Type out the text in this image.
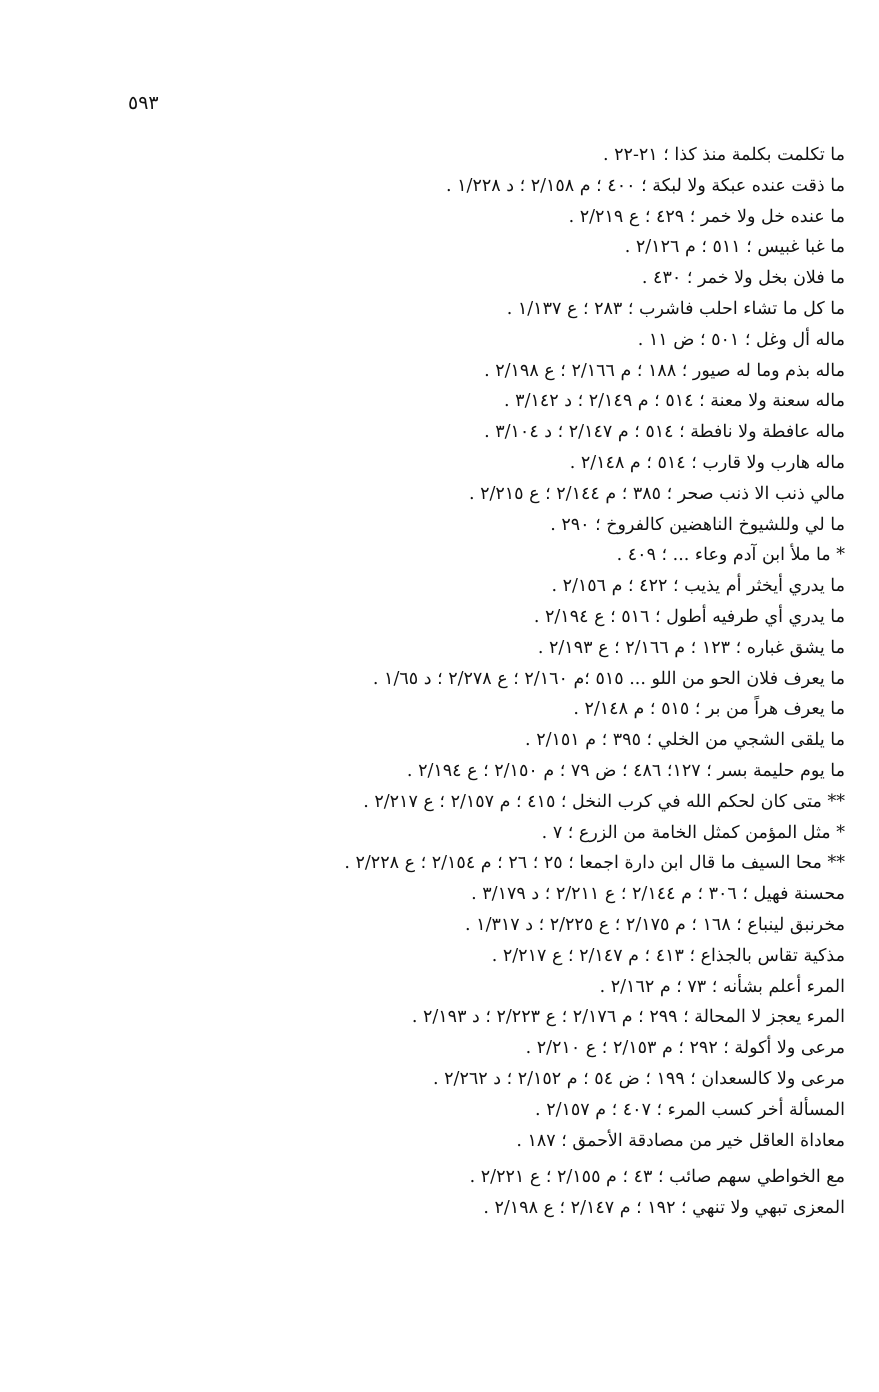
٥٩٣
ما تكلمت بكلمة منذ كذا ؛ ٢١-٢٢ .
ما ذقت عنده عبكة ولا لبكة ؛ ٤٠٠ ؛ م ٢/١٥٨ ؛ د ١/٢٢٨ .
ما عنده خل ولا خمر ؛ ٤٢٩ ؛ ع ٢/٢١٩ .
ما غبا غبيس ؛ ٥١١ ؛ م ٢/١٢٦ .
ما فلان بخل ولا خمر ؛ ٤٣٠ .
ما كل ما تشاء احلب فاشرب ؛ ٢٨٣ ؛ ع ١/١٣٧ .
ماله أل وغل ؛ ٥٠١ ؛ ض ١١ .
ماله بذم وما له صيور ؛ ١٨٨ ؛ م ٢/١٦٦ ؛ ع ٢/١٩٨ .
ماله سعنة ولا معنة ؛ ٥١٤ ؛ م ٢/١٤٩ ؛ د ٣/١٤٢ .
ماله عافطة ولا نافطة ؛ ٥١٤ ؛ م ٢/١٤٧ ؛ د ٣/١٠٤ .
ماله هارب ولا قارب ؛ ٥١٤ ؛ م ٢/١٤٨ .
مالي ذنب الا ذنب صحر ؛ ٣٨٥ ؛ م ٢/١٤٤ ؛ ع ٢/٢١٥ .
ما لي وللشيوخ الناهضين كالفروخ ؛ ٢٩٠ .
* ما ملأ ابن آدم وعاء ... ؛ ٤٠٩ .
ما يدري أيخثر أم يذيب ؛ ٤٢٢ ؛ م ٢/١٥٦ .
ما يدري أي طرفيه أطول ؛ ٥١٦ ؛ ع ٢/١٩٤ .
ما يشق غباره ؛ ١٢٣ ؛ م ٢/١٦٦ ؛ ع ٢/١٩٣ .
ما يعرف فلان الحو من اللو ... ٥١٥ ؛م ٢/١٦٠ ؛ ع ٢/٢٧٨ ؛ د ١/٦٥ .
ما يعرف هراً من بر ؛ ٥١٥ ؛ م ٢/١٤٨ .
ما يلقى الشجي من الخلي ؛ ٣٩٥ ؛ م ٢/١٥١ .
ما يوم حليمة بسر ؛ ١٢٧؛ ٤٨٦ ؛ ض ٧٩ ؛ م ٢/١٥٠ ؛ ع ٢/١٩٤ .
** متى كان لحكم الله في كرب النخل ؛ ٤١٥ ؛ م ٢/١٥٧ ؛ ع ٢/٢١٧ .
* مثل المؤمن كمثل الخامة من الزرع ؛ ٧ .
** محا السيف ما قال ابن دارة اجمعا ؛ ٢٥ ؛ ٢٦ ؛ م ٢/١٥٤ ؛ ع ٢/٢٢٨ .
محسنة فهيل ؛ ٣٠٦ ؛ م ٢/١٤٤ ؛ ع ٢/٢١١ ؛ د ٣/١٧٩ .
مخرنبق لينباع ؛ ١٦٨ ؛ م ٢/١٧٥ ؛ ع ٢/٢٢٥ ؛ د ١/٣١٧ .
مذكية تقاس بالجذاع ؛ ٤١٣ ؛ م ٢/١٤٧ ؛ ع ٢/٢١٧ .
المرء أعلم بشأنه ؛ ٧٣ ؛ م ٢/١٦٢ .
المرء يعجز لا المحالة ؛ ٢٩٩ ؛ م ٢/١٧٦ ؛ ع ٢/٢٢٣ ؛ د ٢/١٩٣ .
مرعى ولا أكولة ؛ ٢٩٢ ؛ م ٢/١٥٣ ؛ ع ٢/٢١٠ .
مرعى ولا كالسعدان ؛ ١٩٩ ؛ ض ٥٤ ؛ م ٢/١٥٢ ؛ د ٢/٢٦٢ .
المسألة أخر كسب المرء ؛ ٤٠٧ ؛ م ٢/١٥٧ .
معاداة العاقل خير من مصادقة الأحمق ؛ ١٨٧ .
مع الخواطي سهم صائب ؛ ٤٣ ؛ م ٢/١٥٥ ؛ ع ٢/٢٢١ .
المعزى تبهي ولا تنهي ؛ ١٩٢ ؛ م ٢/١٤٧ ؛ ع ٢/١٩٨ .
